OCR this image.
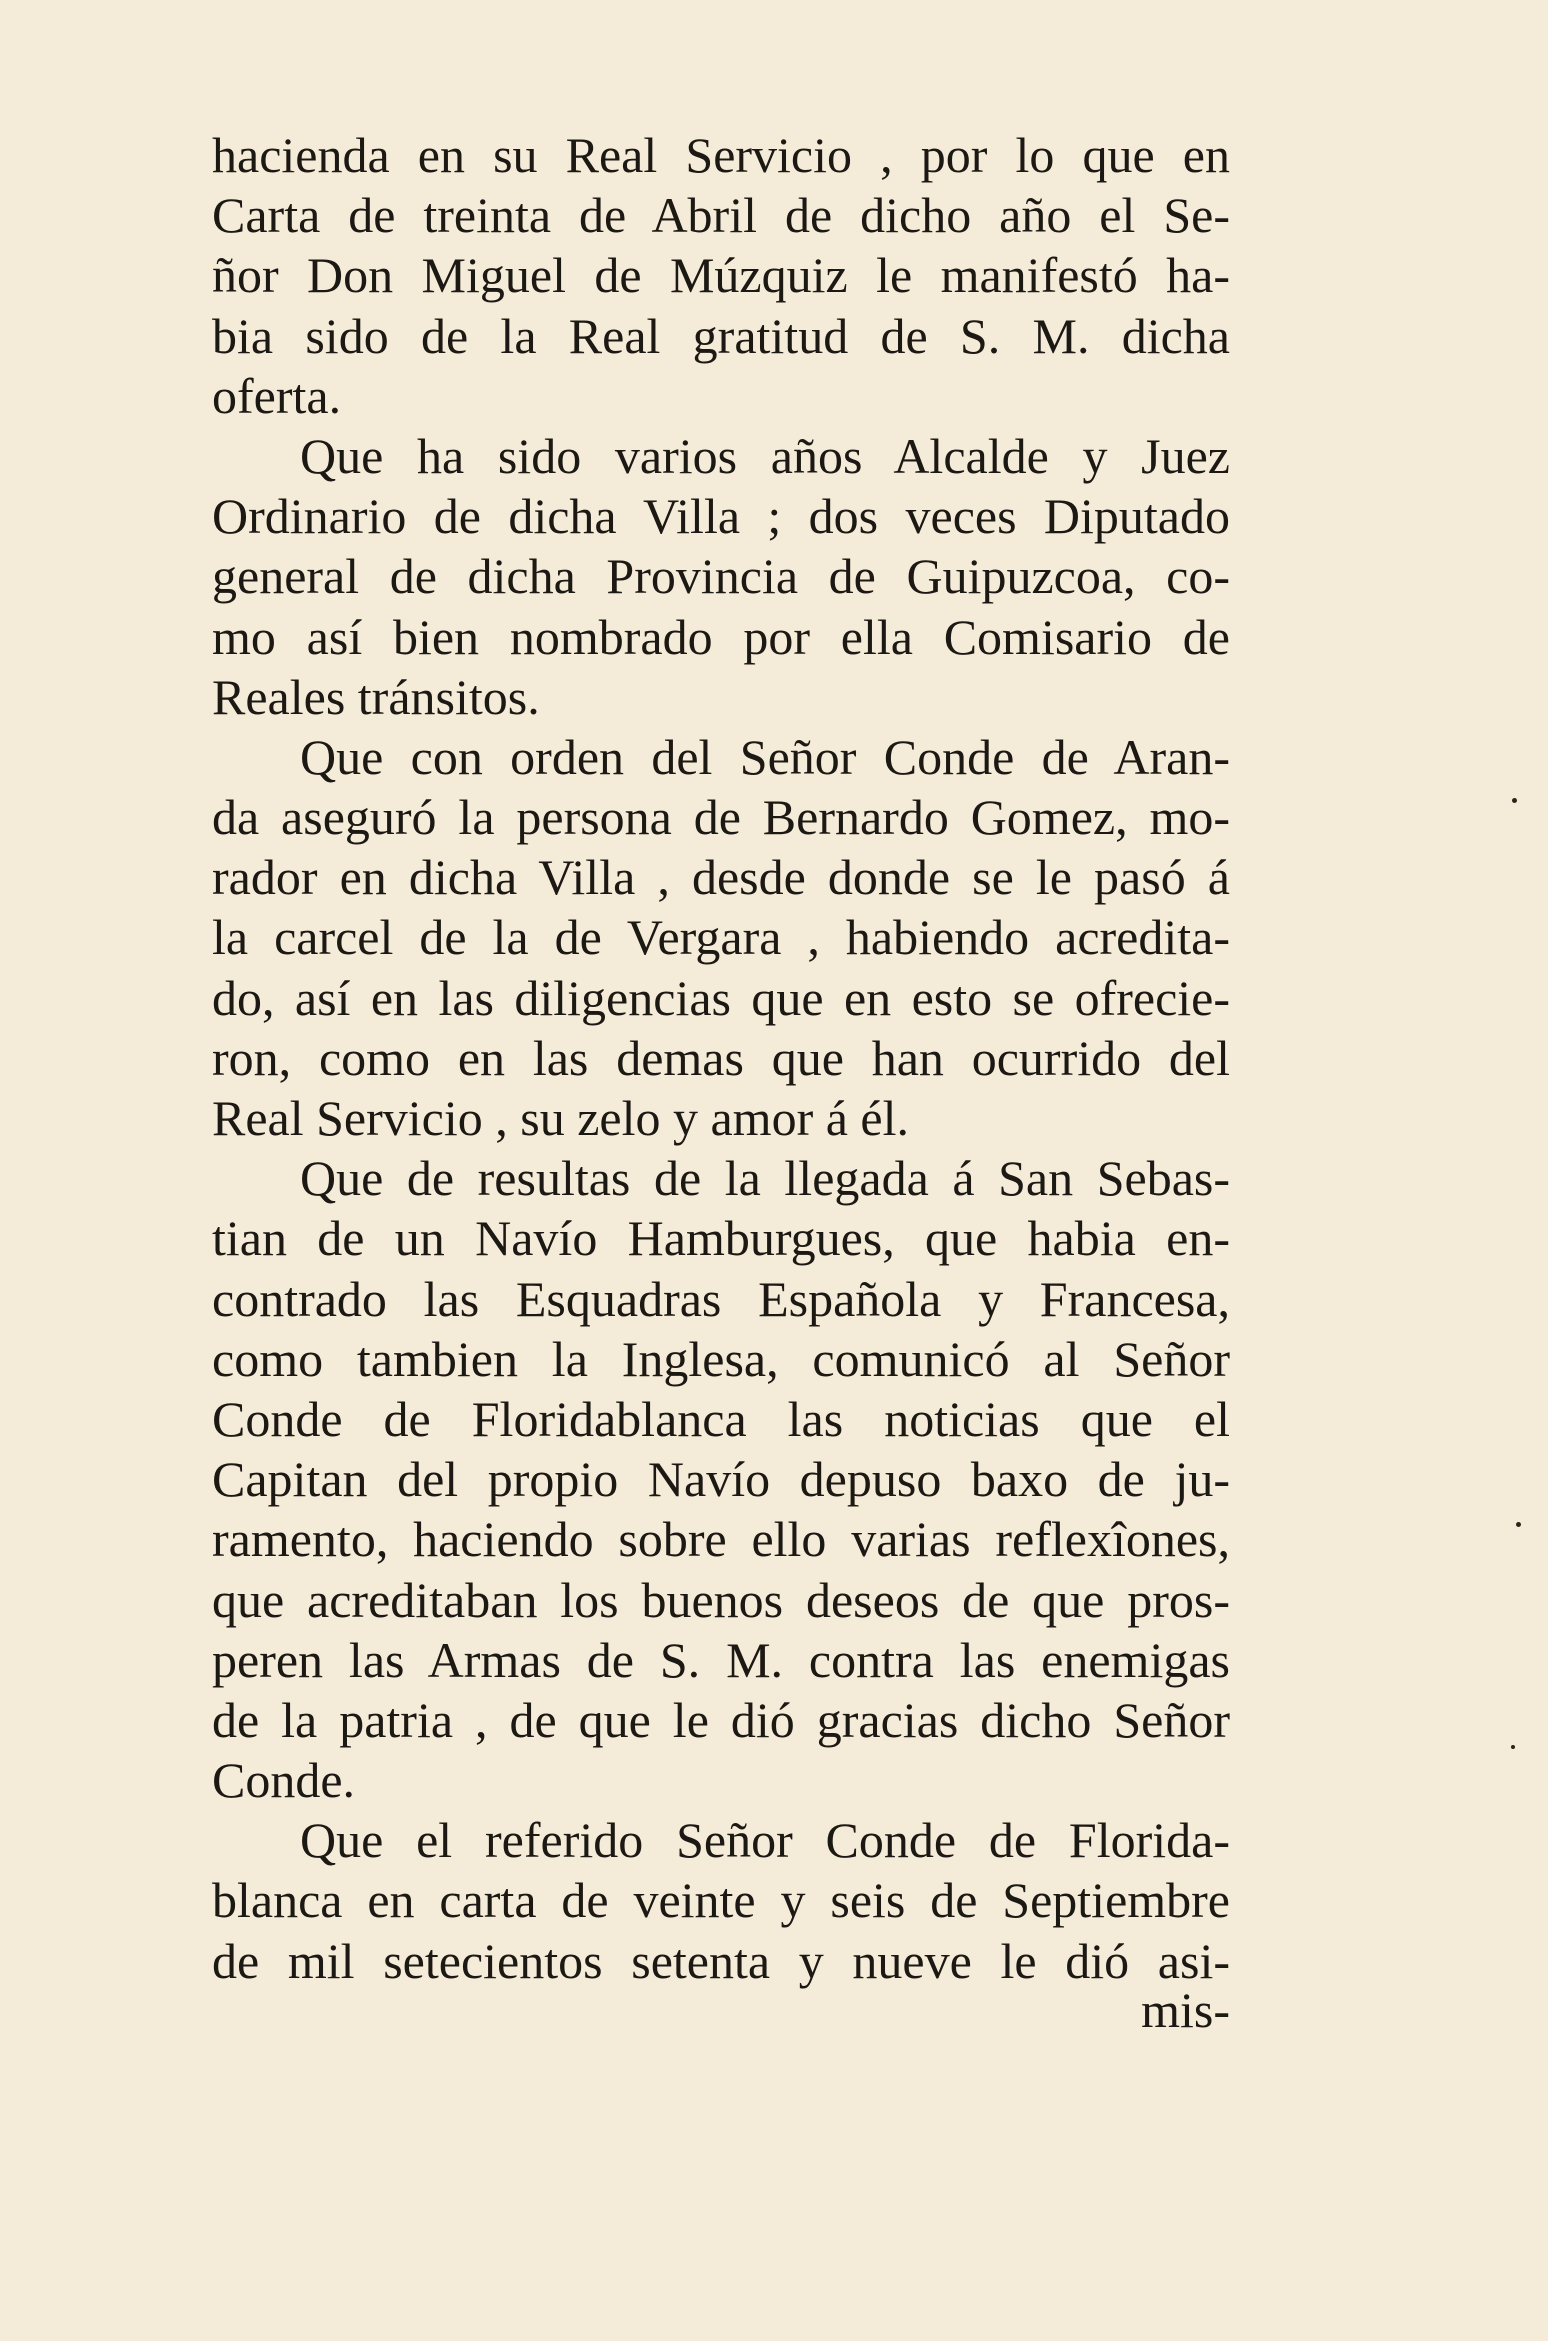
hacienda en su Real Servicio , por lo que en
Carta de treinta de Abril de dicho año el Se-
ñor Don Miguel de Múzquiz le manifestó ha-
bia sido de la Real gratitud de S. M. dicha
oferta.
Que ha sido varios años Alcalde y Juez
Ordinario de dicha Villa ; dos veces Diputado
general de dicha Provincia de Guipuzcoa, co-
mo así bien nombrado por ella Comisario de
Reales tránsitos.
Que con orden del Señor Conde de Aran-
da aseguró la persona de Bernardo Gomez, mo-
rador en dicha Villa , desde donde se le pasó á
la carcel de la de Vergara , habiendo acredita-
do, así en las diligencias que en esto se ofrecie-
ron, como en las demas que han ocurrido del
Real Servicio , su zelo y amor á él.
Que de resultas de la llegada á San Sebas-
tian de un Navío Hamburgues, que habia en-
contrado las Esquadras Española y Francesa,
como tambien la Inglesa, comunicó al Señor
Conde de Floridablanca las noticias que el
Capitan del propio Navío depuso baxo de ju-
ramento, haciendo sobre ello varias reflexîones,
que acreditaban los buenos deseos de que pros-
peren las Armas de S. M. contra las enemigas
de la patria , de que le dió gracias dicho Señor
Conde.
Que el referido Señor Conde de Florida-
blanca en carta de veinte y seis de Septiembre
de mil setecientos setenta y nueve le dió asi-
mis-
